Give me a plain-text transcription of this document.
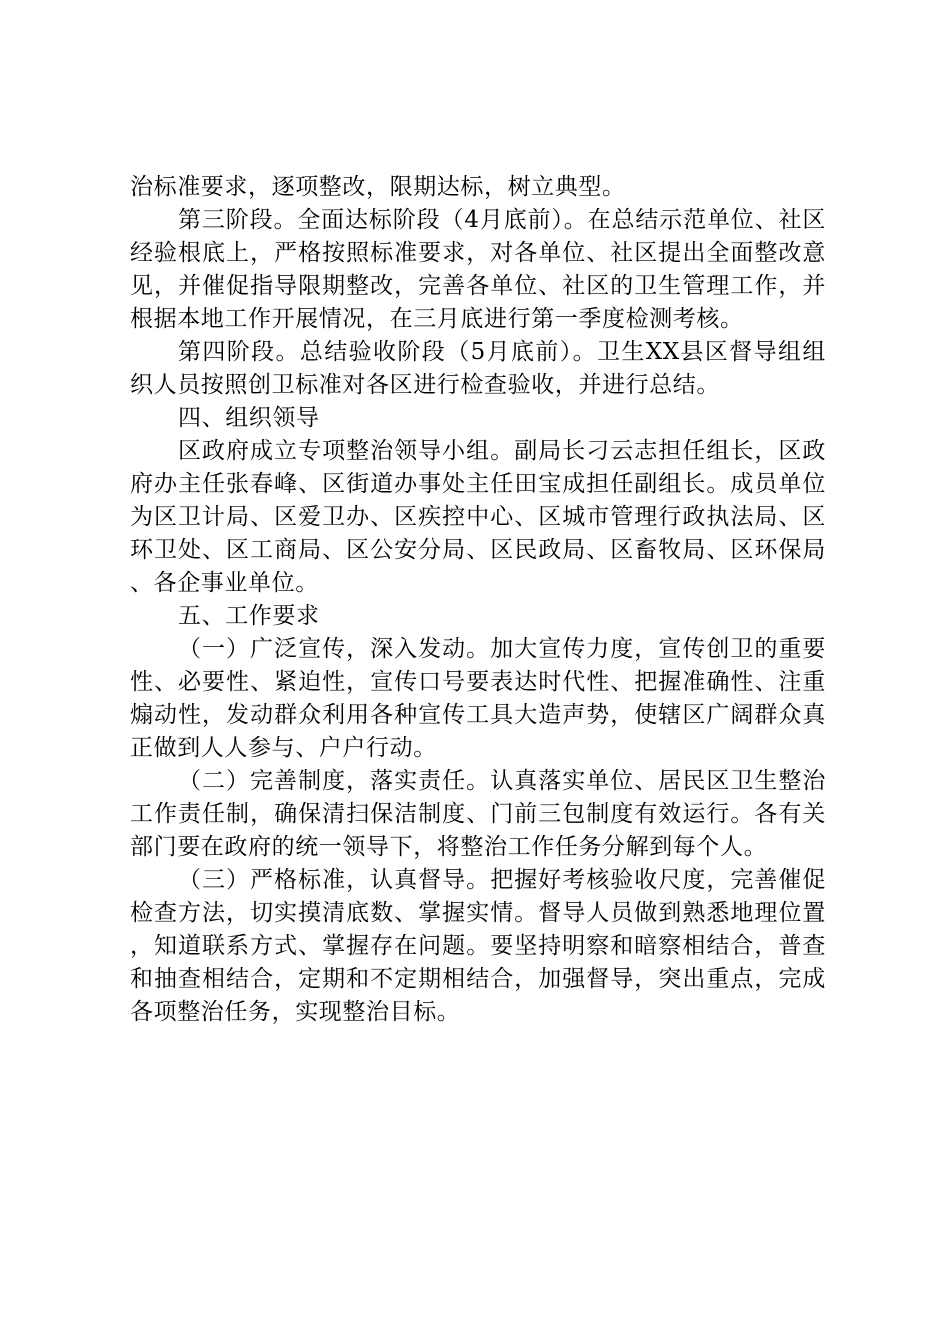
治标准要求，逐项整改，限期达标，树立典型。

第三阶段。全面达标阶段（4月底前）。在总结示范单位、社区经验根底上，严格按照标准要求，对各单位、社区提出全面整改意见，并催促指导限期整改，完善各单位、社区的卫生管理工作，并根据本地工作开展情况，在三月底进行第一季度检测考核。

第四阶段。总结验收阶段（5月底前）。卫生XX县区督导组组织人员按照创卫标准对各区进行检查验收，并进行总结。

四、组织领导

区政府成立专项整治领导小组。副局长刁云志担任组长，区政府办主任张春峰、区街道办事处主任田宝成担任副组长。成员单位为区卫计局、区爱卫办、区疾控中心、区城市管理行政执法局、区环卫处、区工商局、区公安分局、区民政局、区畜牧局、区环保局、各企事业单位。

五、工作要求

（一）广泛宣传，深入发动。加大宣传力度，宣传创卫的重要性、必要性、紧迫性，宣传口号要表达时代性、把握准确性、注重煽动性，发动群众利用各种宣传工具大造声势，使辖区广阔群众真正做到人人参与、户户行动。

（二）完善制度，落实责任。认真落实单位、居民区卫生整治工作责任制，确保清扫保洁制度、门前三包制度有效运行。各有关部门要在政府的统一领导下，将整治工作任务分解到每个人。

（三）严格标准，认真督导。把握好考核验收尺度，完善催促检查方法，切实摸清底数、掌握实情。督导人员做到熟悉地理位置，知道联系方式、掌握存在问题。要坚持明察和暗察相结合，普查和抽查相结合，定期和不定期相结合，加强督导，突出重点，完成各项整治任务，实现整治目标。
